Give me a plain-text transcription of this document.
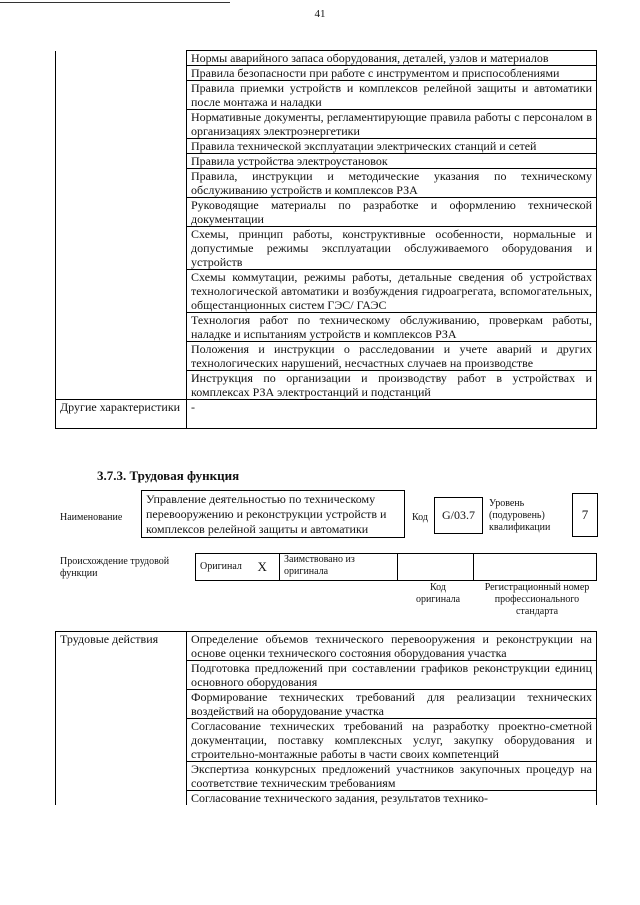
41
	Нормы аварийного запаса оборудования, деталей, узлов и материалов
	Правила безопасности при работе с инструментом и приспособлениями
	Правила приемки устройств и комплексов релейной защиты и автоматики после монтажа и наладки
	Нормативные документы, регламентирующие правила работы с персоналом в организациях электроэнергетики
	Правила технической эксплуатации электрических станций и сетей
	Правила устройства электроустановок
	Правила, инструкции и методические указания по техническому обслуживанию устройств и комплексов РЗА
	Руководящие материалы по разработке и оформлению технической документации
	Схемы, принцип работы, конструктивные особенности, нормальные и допустимые режимы эксплуатации обслуживаемого оборудования и устройств
	Схемы коммутации, режимы работы, детальные сведения об устройствах технологической автоматики и возбуждения гидроагрегата, вспомогательных, общестанционных систем ГЭС/ ГАЭС
	Технология работ по техническому обслуживанию, проверкам работы, наладке и испытаниям устройств и комплексов РЗА
	Положения и инструкции о расследовании и учете аварий и других технологических нарушений, несчастных случаев на производстве
	Инструкция по организации и производству работ в устройствах и комплексах РЗА электростанций и подстанций
Другие характеристики	-
3.7.3. Трудовая функция
Наименование
Управление деятельностью по техническому перевооружению и реконструкции устройств и комплексов релейной защиты и автоматики
Код G/03.7
Уровень (подуровень) квалификации
7
Происхождение трудовой функции
Оригинал	X	Заимствовано из оригинала		
Код оригинала
Регистрационный номер профессионального стандарта
Трудовые действия	Определение объемов технического перевооружения и реконструкции на основе оценки технического состояния оборудования участка
Подготовка предложений при составлении графиков реконструкции единиц основного оборудования
Формирование технических требований для реализации технических воздействий на оборудование участка
Согласование технических требований на разработку проектно-сметной документации, поставку комплексных услуг, закупку оборудования и строительно-монтажные работы в части своих компетенций
Экспертиза конкурсных предложений участников закупочных процедур на соответствие техническим требованиям
Согласование технического задания, результатов технико-
